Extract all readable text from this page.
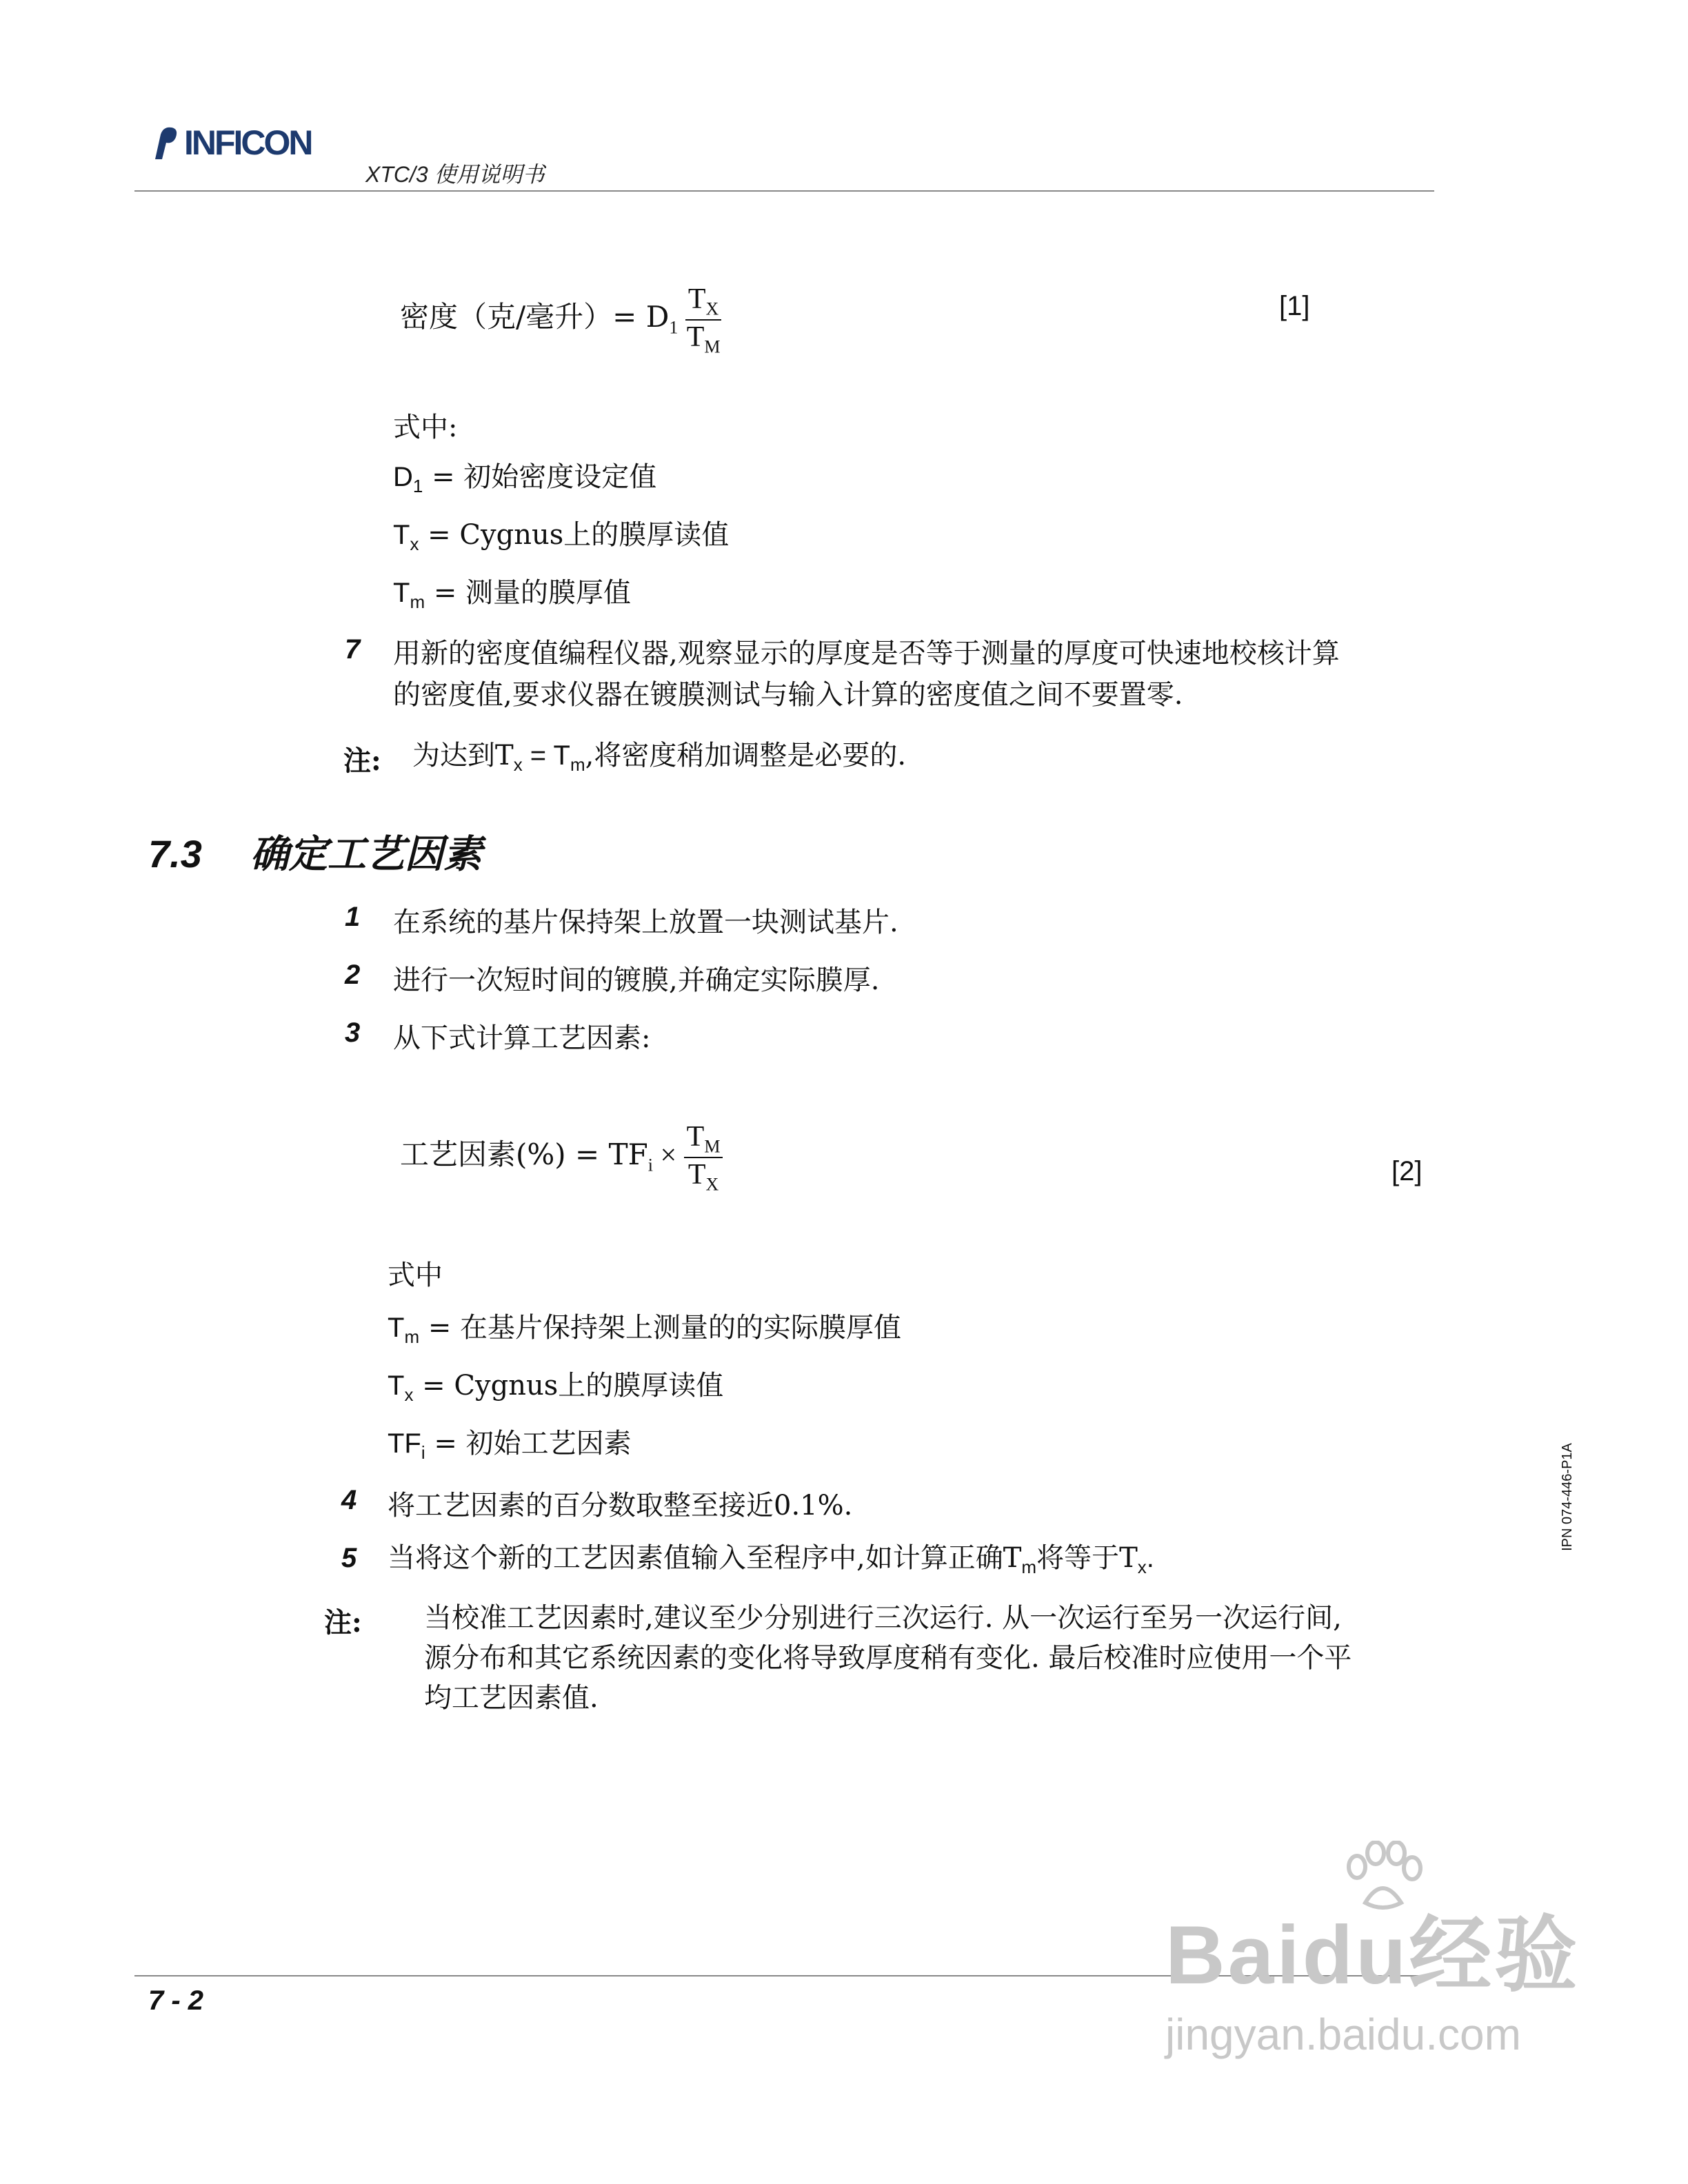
INFICON
XTC/3 使用说明书
密度（克/毫升）= $D_1 \frac{T_X}{T_M}$	[1]
式中:
$D_1$ = 初始密度设定值
$T_x$ = Cygnus上的膜厚读值
$T_m$ = 测量的膜厚值
7 用新的密度值编程仪器,观察显示的厚度是否等于测量的厚度可快速地校核计算
的密度值,要求仪器在镀膜测试与输入计算的密度值之间不要置零.
注: 为达到$T_x = T_m$,将密度稍加调整是必要的.
7.3 确定工艺因素
1 在系统的基片保持架上放置一块测试基片.
2 进行一次短时间的镀膜,并确定实际膜厚.
3 从下式计算工艺因素:
工艺因素(%) = $TF_i \times \frac{T_M}{T_X}$	[2]
式中
$T_m$ = 在基片保持架上测量的的实际膜厚值
$T_x$ = Cygnus上的膜厚读值
$TF_i$ = 初始工艺因素
4 将工艺因素的百分数取整至接近0.1%.
5 当将这个新的工艺因素值输入至程序中,如计算正确$T_m$将等于$T_x$.
注: 当校准工艺因素时,建议至少分别进行三次运行. 从一次运行至另一次运行间,
源分布和其它系统因素的变化将导致厚度稍有变化. 最后校准时应使用一个平
均工艺因素值.
IPN 074-446-P1A
7 - 2	Baidu经验
jingyan.baidu.com
